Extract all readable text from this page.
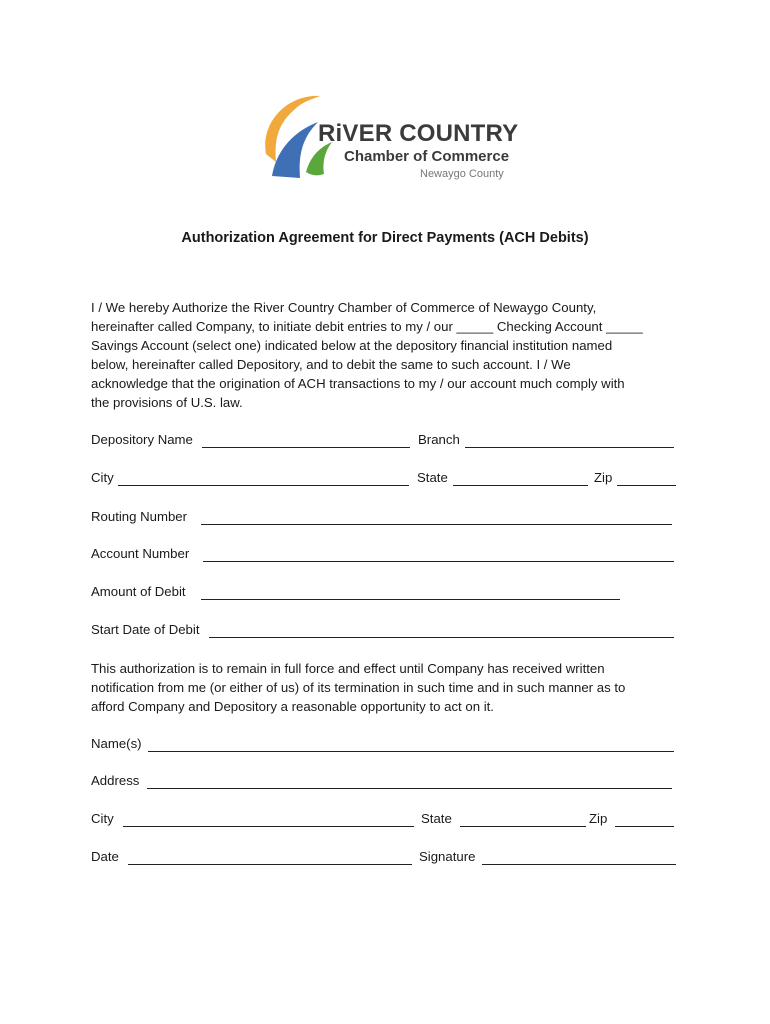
RiVER COUNTRY
Chamber of Commerce
Newaygo County
Authorization Agreement for Direct Payments (ACH Debits)
I / We hereby Authorize the River Country Chamber of Commerce of Newaygo County,
hereinafter called Company, to initiate debit entries to my / our _____ Checking Account _____
Savings Account (select one) indicated below at the depository financial institution named
below, hereinafter called Depository, and to debit the same to such account. I / We
acknowledge that the origination of ACH transactions to my / our account much comply with
the provisions of U.S. law.
Depository Name	Branch
City	State	Zip
Routing Number
Account Number
Amount of Debit
Start Date of Debit
This authorization is to remain in full force and effect until Company has received written
notification from me (or either of us) of its termination in such time and in such manner as to
afford Company and Depository a reasonable opportunity to act on it.
Name(s)
Address
City	State	Zip
Date	Signature
